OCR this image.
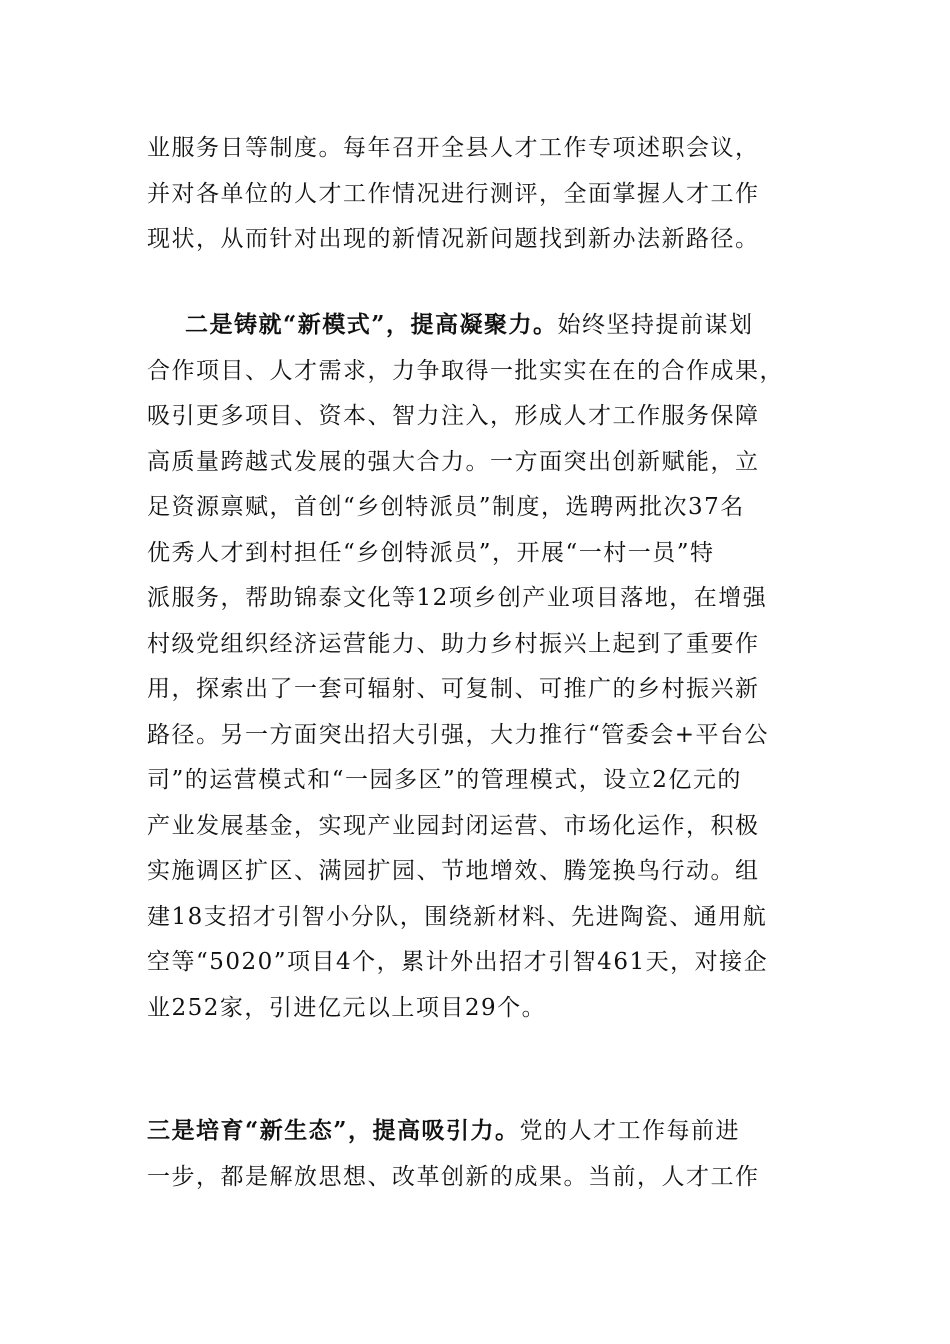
业服务日等制度。每年召开全县人才工作专项述职会议，
并对各单位的人才工作情况进行测评，全面掌握人才工作
现状，从而针对出现的新情况新问题找到新办法新路径。
二是铸就“新模式”，提高凝聚力。始终坚持提前谋划
合作项目、人才需求，力争取得一批实实在在的合作成果，
吸引更多项目、资本、智力注入，形成人才工作服务保障
高质量跨越式发展的强大合力。一方面突出创新赋能，立
足资源禀赋，首创“乡创特派员”制度，选聘两批次37名
优秀人才到村担任“乡创特派员”，开展“一村一员”特
派服务，帮助锦泰文化等12项乡创产业项目落地，在增强
村级党组织经济运营能力、助力乡村振兴上起到了重要作
用，探索出了一套可辐射、可复制、可推广的乡村振兴新
路径。另一方面突出招大引强，大力推行“管委会+平台公
司”的运营模式和“一园多区”的管理模式，设立2亿元的
产业发展基金，实现产业园封闭运营、市场化运作，积极
实施调区扩区、满园扩园、节地增效、腾笼换鸟行动。组
建18支招才引智小分队，围绕新材料、先进陶瓷、通用航
空等“5020”项目4个，累计外出招才引智461天，对接企
业252家，引进亿元以上项目29个。
三是培育“新生态”，提高吸引力。党的人才工作每前进
一步，都是解放思想、改革创新的成果。当前，人才工作
